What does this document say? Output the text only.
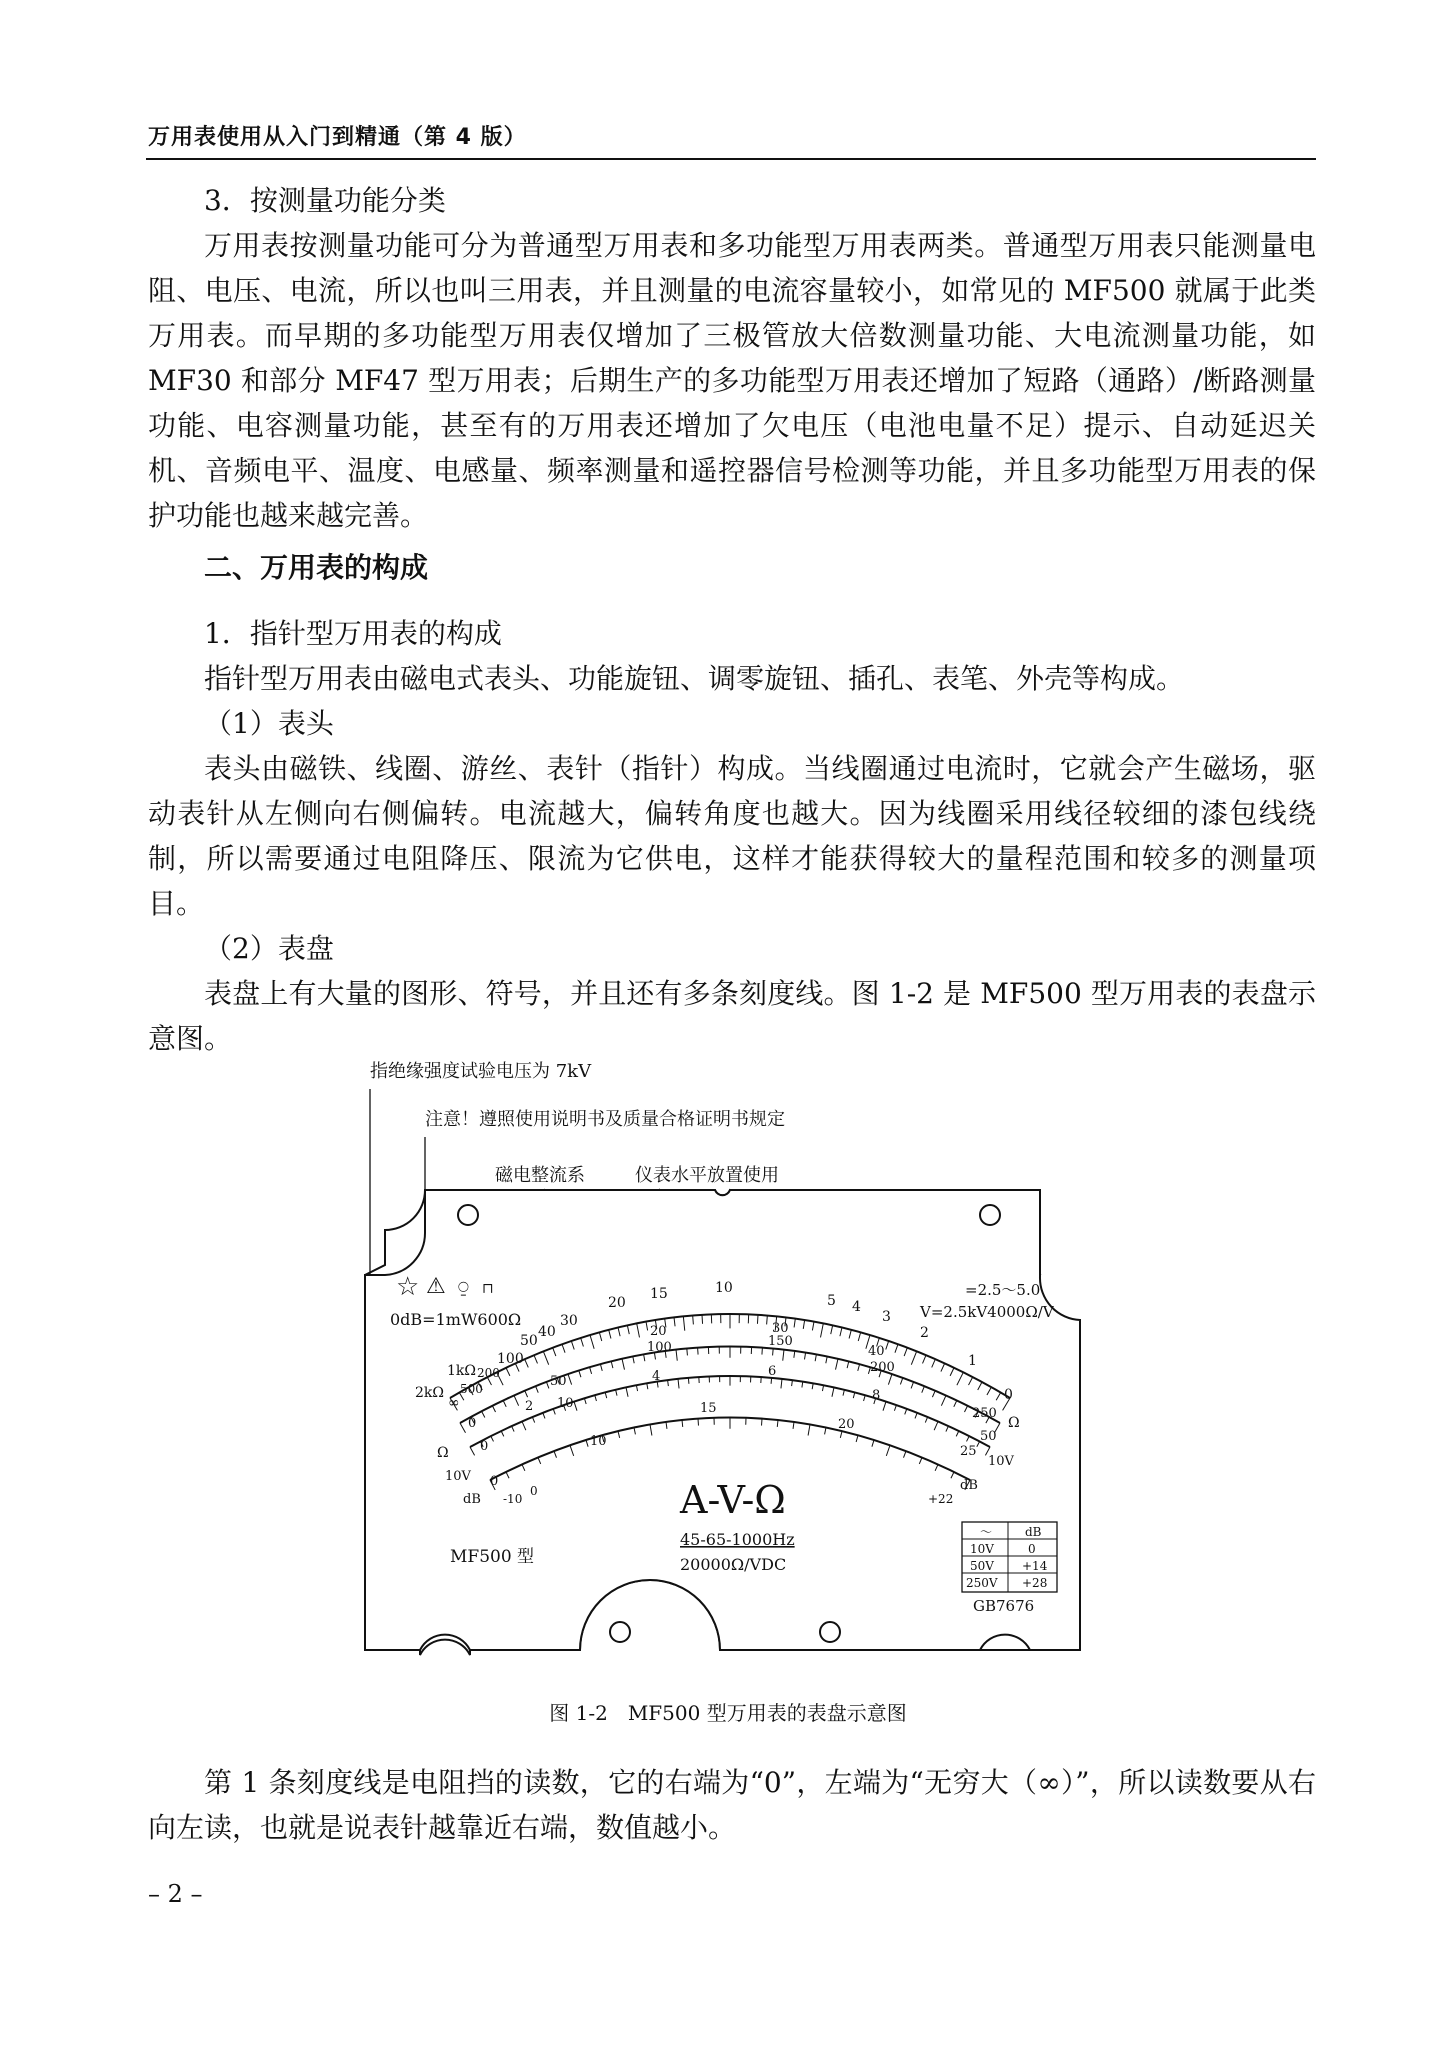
万用表使用从入门到精通（第 4 版）

3．按测量功能分类

万用表按测量功能可分为普通型万用表和多功能型万用表两类。普通型万用表只能测量电阻、电压、电流，所以也叫三用表，并且测量的电流容量较小，如常见的 MF500 就属于此类万用表。而早期的多功能型万用表仅增加了三极管放大倍数测量功能、大电流测量功能，如 MF30 和部分 MF47 型万用表；后期生产的多功能型万用表还增加了短路（通路）/断路测量功能、电容测量功能，甚至有的万用表还增加了欠电压（电池电量不足）提示、自动延迟关机、音频电平、温度、电感量、频率测量和遥控器信号检测等功能，并且多功能型万用表的保护功能也越来越完善。

二、万用表的构成

1．指针型万用表的构成

指针型万用表由磁电式表头、功能旋钮、调零旋钮、插孔、表笔、外壳等构成。

（1）表头

表头由磁铁、线圈、游丝、表针（指针）构成。当线圈通过电流时，它就会产生磁场，驱动表针从左侧向右侧偏转。电流越大，偏转角度也越大。因为线圈采用线径较细的漆包线绕制，所以需要通过电阻降压、限流为它供电，这样才能获得较大的量程范围和较多的测量项目。

（2）表盘

表盘上有大量的图形、符号，并且还有多条刻度线。图 1-2 是 MF500 型万用表的表盘示意图。

指绝缘强度试验电压为 7kV
注意！遵照使用说明书及质量合格证明书规定
磁电整流系	仪表水平放置使用
☆ ⚠ ⍜ ⊓
0dB=1mW600Ω
=2.5～5.0
V=2.5kV4000Ω/V
∞
2kΩ
1kΩ
500
200
100
50
40
30
20
15	10
5 4
3
2
1
0
0
50
100	150
200
250
0
10
20	30
40
50
2
4	6
8
0
10
15
20
25
-10
0
+22
Ω
10V
dB
Ω
10V
dB
A-V-Ω
45-65-1000Hz
20000Ω/VDC
MF500 型
～	dB
10V	0
50V +14
250V +28
GB7676
图 1-2　MF500 型万用表的表盘示意图

第 1 条刻度线是电阻挡的读数，它的右端为“0”，左端为“无穷大（∞）”，所以读数要从右向左读，也就是说表针越靠近右端，数值越小。

– 2 –
